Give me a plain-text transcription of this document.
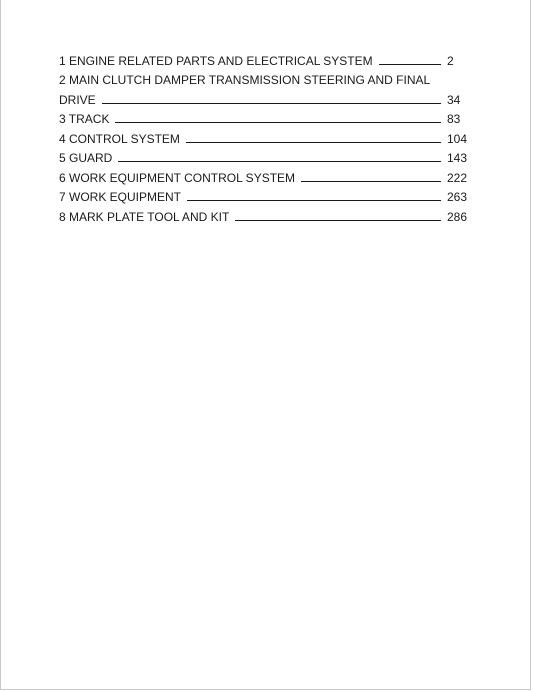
1 ENGINE RELATED PARTS AND ELECTRICAL SYSTEM	2
2 MAIN CLUTCH DAMPER TRANSMISSION STEERING AND FINAL
DRIVE	34
3 TRACK	83
4 CONTROL SYSTEM	104
5 GUARD	143
6 WORK EQUIPMENT CONTROL SYSTEM	222
7 WORK EQUIPMENT	263
8 MARK PLATE TOOL AND KIT	286
